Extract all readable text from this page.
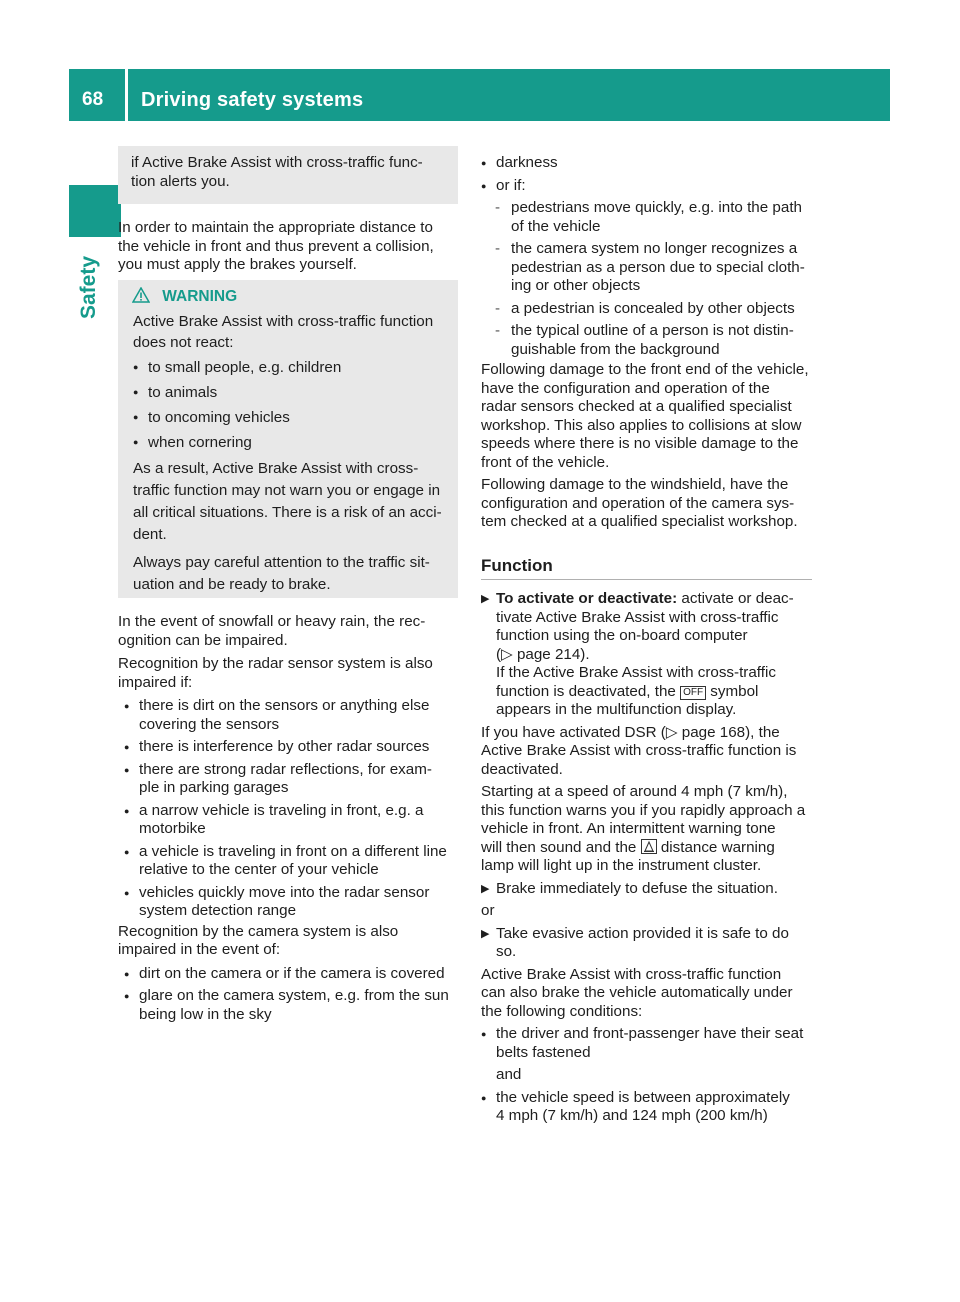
68 Driving safety systems
Safety

if Active Brake Assist with cross-traffic func-

tion alerts you.

In order to maintain the appropriate distance to

the vehicle in front and thus prevent a collision,

you must apply the brakes yourself.

WARNING

Active Brake Assist with cross-traffic function

does not react:

● to small people, e.g. children
● to animals
● to oncoming vehicles
● when cornering

As a result, Active Brake Assist with cross-

traffic function may not warn you or engage in

all critical situations. There is a risk of an acci-

dent.

Always pay careful attention to the traffic sit-

uation and be ready to brake.

In the event of snowfall or heavy rain, the rec-

ognition can be impaired.

Recognition by the radar sensor system is also

impaired if:

● there is dirt on the sensors or anything else

covering the sensors

● there is interference by other radar sources

● there are strong radar reflections, for exam-

ple in parking garages

● a narrow vehicle is traveling in front, e.g. a

motorbike

● a vehicle is traveling in front on a different line

relative to the center of your vehicle

● vehicles quickly move into the radar sensor

system detection range

Recognition by the camera system is also

impaired in the event of:

● dirt on the camera or if the camera is covered

● glare on the camera system, e.g. from the sun

being low in the sky

● darkness
● or if:

- pedestrians move quickly, e.g. into the path

of the vehicle

- the camera system no longer recognizes a

pedestrian as a person due to special cloth-

ing or other objects

- a pedestrian is concealed by other objects

- the typical outline of a person is not distin-

guishable from the background

Following damage to the front end of the vehicle,

have the configuration and operation of the

radar sensors checked at a qualified specialist

workshop. This also applies to collisions at slow

speeds where there is no visible damage to the

front of the vehicle.

Following damage to the windshield, have the

configuration and operation of the camera sys-

tem checked at a qualified specialist workshop.

Function

▶ To activate or deactivate: activate or deac-

tivate Active Brake Assist with cross-traffic

function using the on-board computer

(▷ page 214).

If the Active Brake Assist with cross-traffic

function is deactivated, the OFF symbol

appears in the multifunction display.

If you have activated DSR (▷ page 168), the

Active Brake Assist with cross-traffic function is

deactivated.

Starting at a speed of around 4 mph (7 km/h),

this function warns you if you rapidly approach a

vehicle in front. An intermittent warning tone

will then sound and the  distance warning

lamp will light up in the instrument cluster.

▶ Brake immediately to defuse the situation.

or

▶ Take evasive action provided it is safe to do

so.

Active Brake Assist with cross-traffic function

can also brake the vehicle automatically under

the following conditions:

● the driver and front-passenger have their seat

belts fastened

and

● the vehicle speed is between approximately

4 mph (7 km/h) and 124 mph (200 km/h)
